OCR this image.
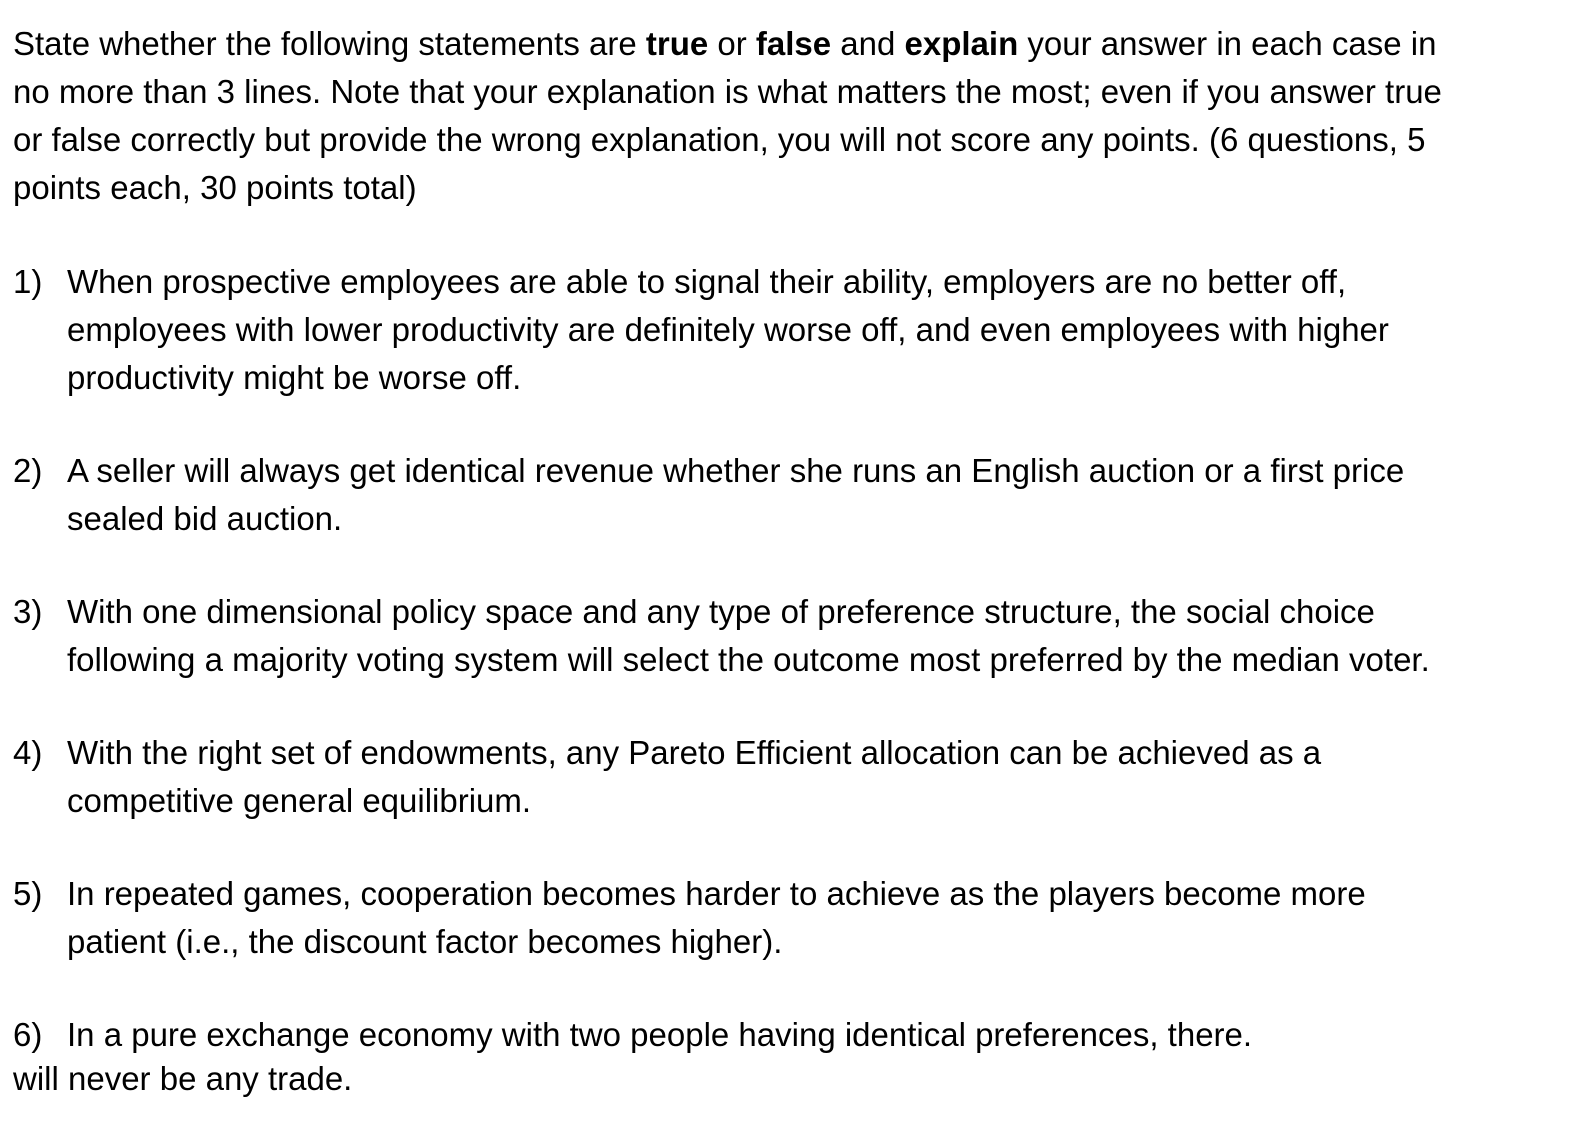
State whether the following statements are true or false and explain your answer in each case in
no more than 3 lines. Note that your explanation is what matters the most; even if you answer true
or false correctly but provide the wrong explanation, you will not score any points. (6 questions, 5
points each, 30 points total)

1) When prospective employees are able to signal their ability, employers are no better off,
employees with lower productivity are definitely worse off, and even employees with higher
productivity might be worse off.
2) A seller will always get identical revenue whether she runs an English auction or a first price
sealed bid auction.
3) With one dimensional policy space and any type of preference structure, the social choice
following a majority voting system will select the outcome most preferred by the median voter.
4) With the right set of endowments, any Pareto Efficient allocation can be achieved as a
competitive general equilibrium.
5) In repeated games, cooperation becomes harder to achieve as the players become more
patient (i.e., the discount factor becomes higher).
6) In a pure exchange economy with two people having identical preferences, there.
will never be any trade.
